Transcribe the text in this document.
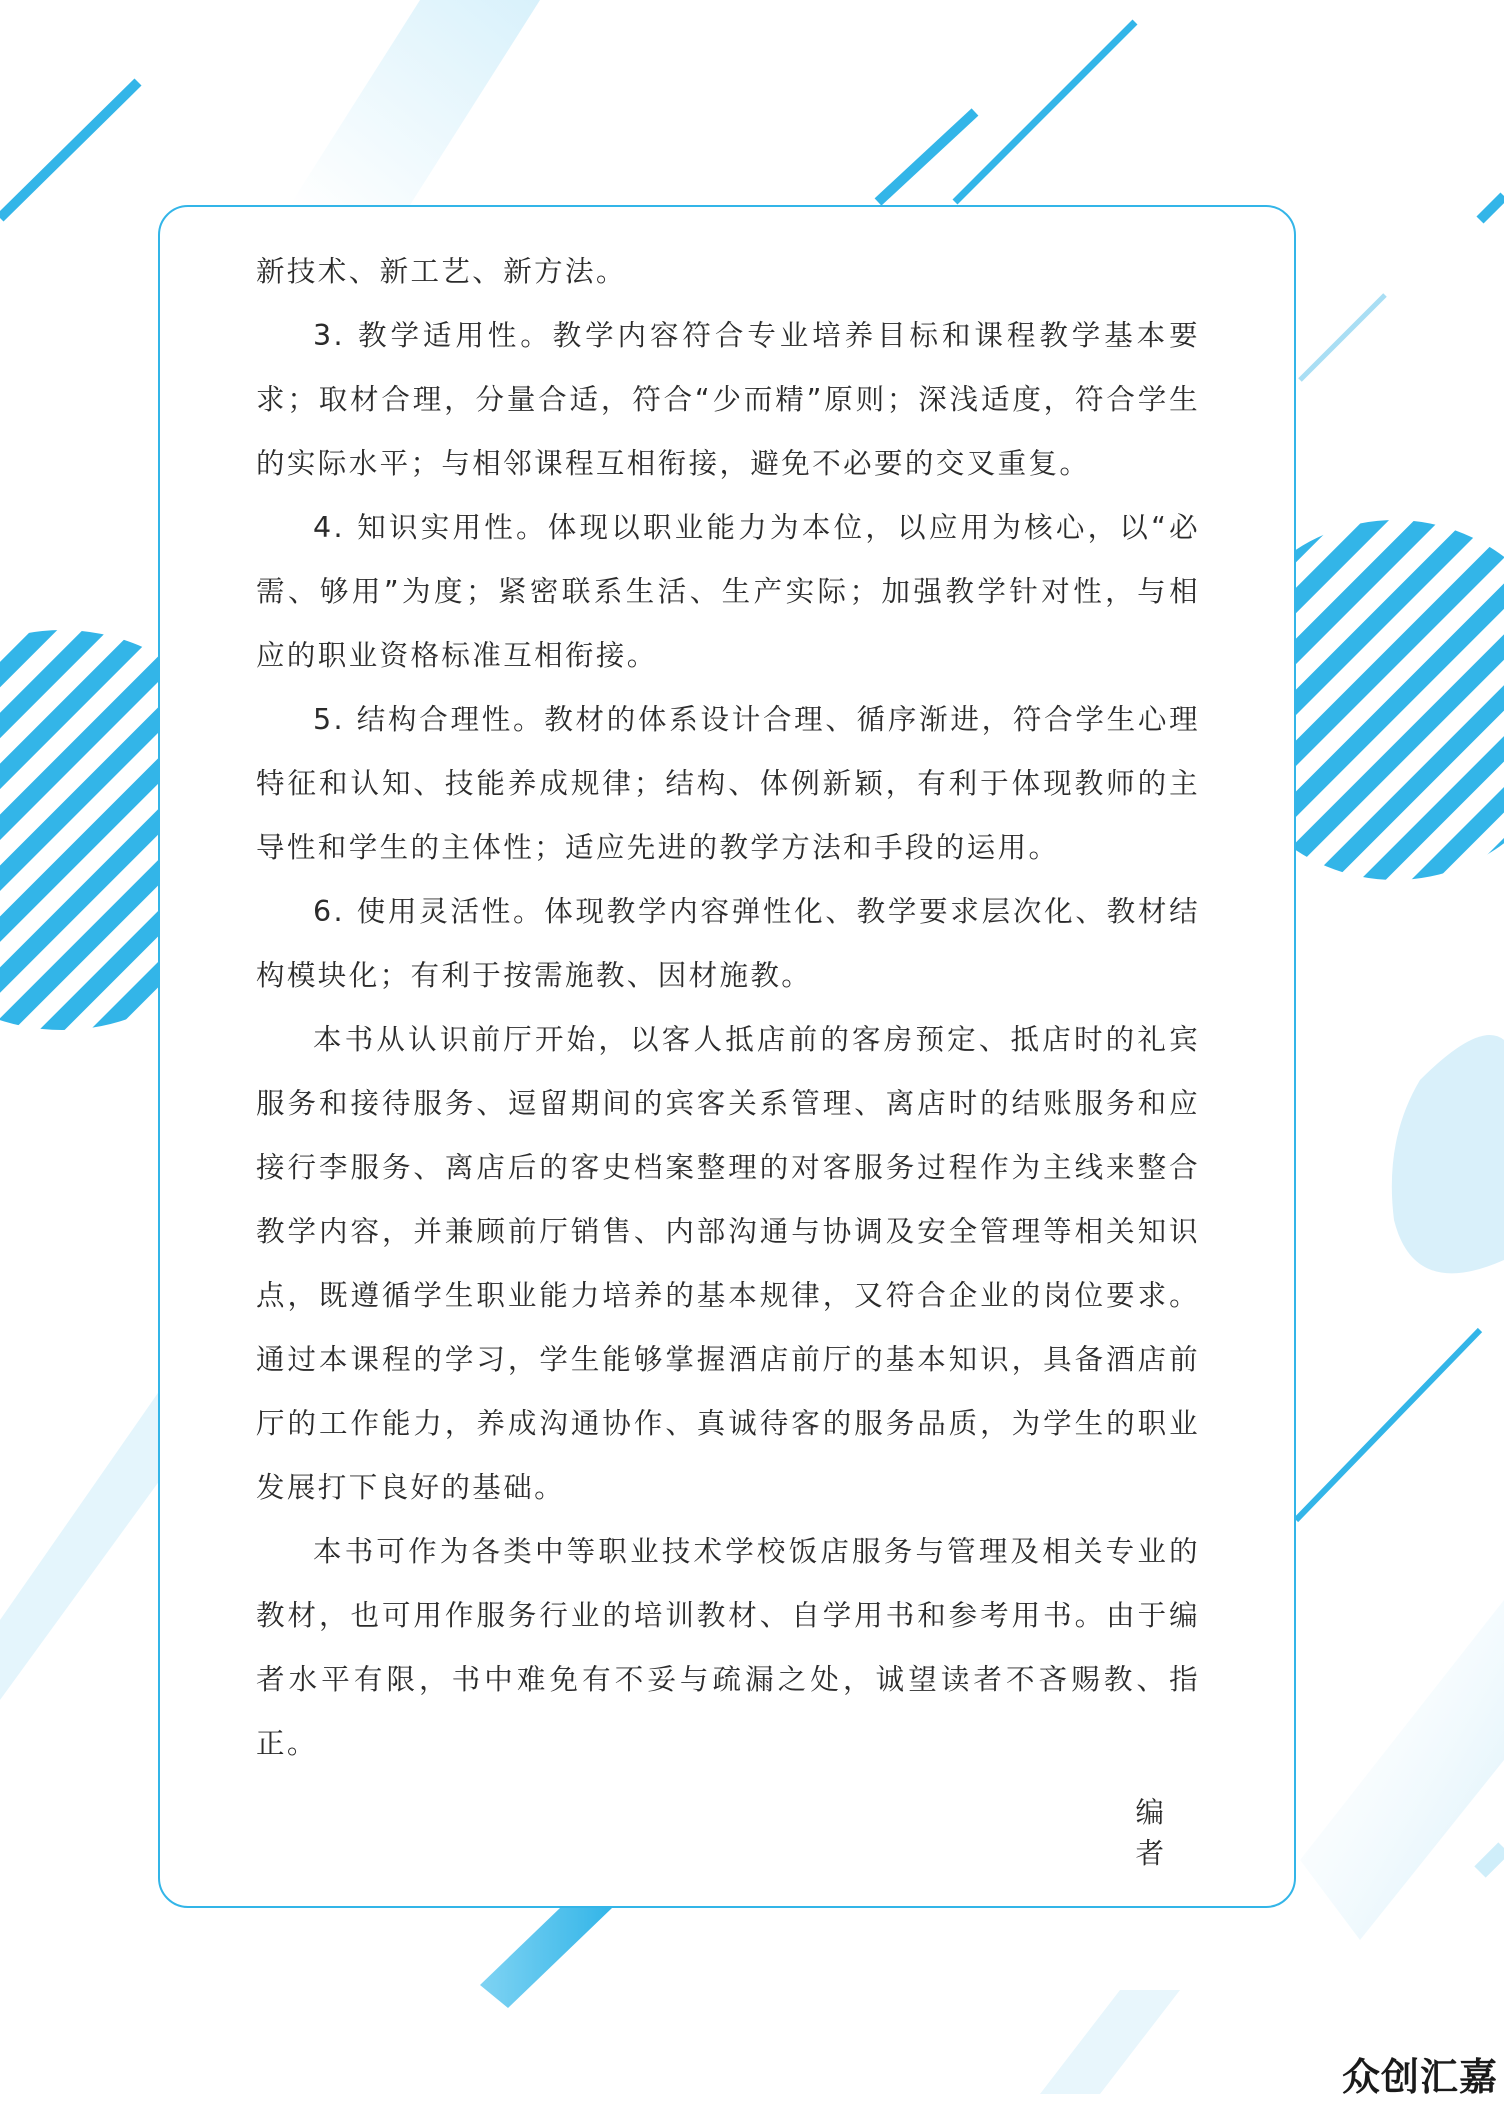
新技术、新工艺、新方法。

3. 教学适用性。教学内容符合专业培养目标和课程教学基本要求；取材合理，分量合适，符合“少而精”原则；深浅适度，符合学生的实际水平；与相邻课程互相衔接，避免不必要的交叉重复。

4. 知识实用性。体现以职业能力为本位，以应用为核心，以“必需、够用”为度；紧密联系生活、生产实际；加强教学针对性，与相应的职业资格标准互相衔接。

5. 结构合理性。教材的体系设计合理、循序渐进，符合学生心理特征和认知、技能养成规律；结构、体例新颖，有利于体现教师的主导性和学生的主体性；适应先进的教学方法和手段的运用。

6. 使用灵活性。体现教学内容弹性化、教学要求层次化、教材结构模块化；有利于按需施教、因材施教。

本书从认识前厅开始，以客人抵店前的客房预定、抵店时的礼宾服务和接待服务、逗留期间的宾客关系管理、离店时的结账服务和应接行李服务、离店后的客史档案整理的对客服务过程作为主线来整合教学内容，并兼顾前厅销售、内部沟通与协调及安全管理等相关知识点，既遵循学生职业能力培养的基本规律，又符合企业的岗位要求。通过本课程的学习，学生能够掌握酒店前厅的基本知识，具备酒店前厅的工作能力，养成沟通协作、真诚待客的服务品质，为学生的职业发展打下良好的基础。

本书可作为各类中等职业技术学校饭店服务与管理及相关专业的教材，也可用作服务行业的培训教材、自学用书和参考用书。由于编者水平有限，书中难免有不妥与疏漏之处，诚望读者不吝赐教、指正。

编者
众创汇嘉
